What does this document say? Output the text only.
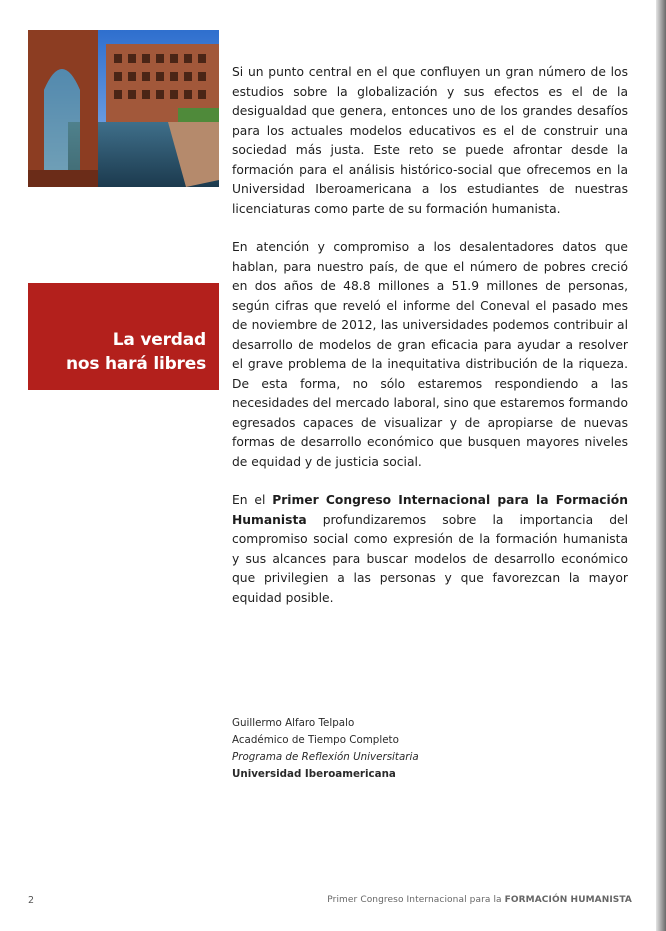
La verdad
nos hará libres

Si un punto central en el que confluyen un gran número de los estudios sobre la globalización y sus efectos es el de la desigualdad que genera, entonces uno de los grandes desafíos para los actuales modelos educativos es el de construir una sociedad más justa. Este reto se puede afrontar desde la formación para el análisis histórico-social que ofrecemos en la Universidad Iberoamericana a los estudiantes de nuestras licenciaturas como parte de su formación humanista.

En atención y compromiso a los desalentadores datos que hablan, para nuestro país, de que el número de pobres creció en dos años de 48.8 millones a 51.9 millones de personas, según cifras que reveló el informe del Coneval el pasado mes de noviembre de 2012, las universidades podemos contribuir al desarrollo de modelos de gran eficacia para ayudar a resolver el grave problema de la inequitativa distribución de la riqueza. De esta forma, no sólo estaremos respondiendo a las necesidades del mercado laboral, sino que estaremos formando egresados capaces de visualizar y de apropiarse de nuevas formas de desarrollo económico que busquen mayores niveles de equidad y de justicia social.

En el Primer Congreso Internacional para la Formación Humanista profundizaremos sobre la importancia del compromiso social como expresión de la formación humanista y sus alcances para buscar modelos de desarrollo económico que privilegien a las personas y que favorezcan la mayor equidad posible.

Guillermo Alfaro Telpalo
Académico de Tiempo Completo
Programa de Reflexión Universitaria
Universidad Iberoamericana
2	Primer Congreso Internacional para la FORMACIÓN HUMANISTA
